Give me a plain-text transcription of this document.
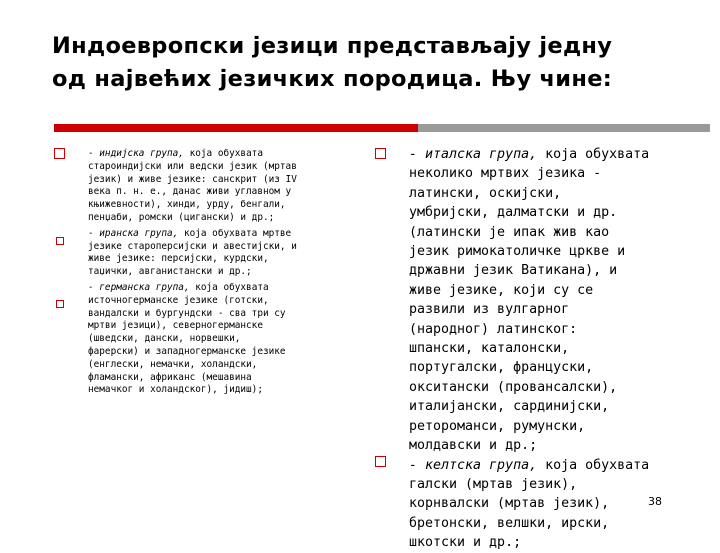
Индоевропски језици представљају једну
од највећих језичких породица. Њу чине:
- индијска група, која обухвата
староиндијски или ведски језик (мртав
језик) и живе језике: санскрит (из IV
века п. н. е., данас живи углавном у
књижевности), хинди, урду, бенгали,
пенџаби, ромски (цигански) и др.;
- иранска група, која обухвата мртве
језике староперсијски и авестијски, и
живе језике: персијски, курдски,
таџички, авганистански и др.;
- германска група, која обухвата
источногерманске језике (готски,
вандалски и бургундски - сва три су
мртви језици), северногерманске
(шведски, дански, норвешки,
фарерски) и западногерманске језике
(енглески, немачки, холандски,
фламански, африканс (мешавина
немачког и холандског), јидиш);
- италска група, која обухвата
неколико мртвих језика -
латински, оскијски,
умбријски, далматски и др.
(латински је ипак жив као
језик римокатоличке цркве и
државни језик Ватикана), и
живе језике, који су се
развили из вулгарног
(народног) латинског:
шпански, каталонски,
португалски, француски,
окситански (провансалски),
италијански, сардинијски,
ретороманси, румунски,
молдавски и др.;
- келтска група, која обухвата
галски (мртав језик),
корнвалски (мртав језик),
бретонски, велшки, ирски,
шкотски и др.;
38
